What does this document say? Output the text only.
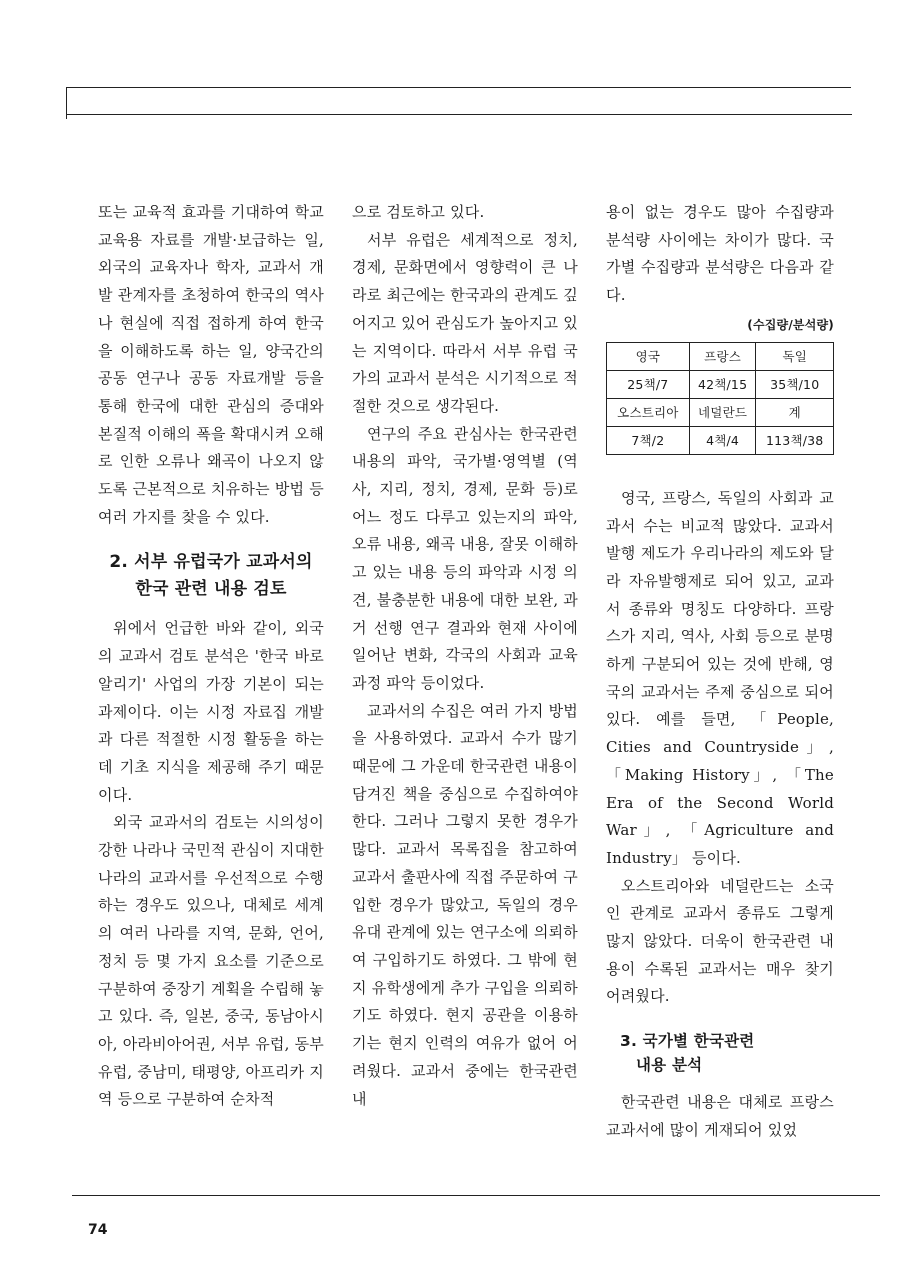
또는 교육적 효과를 기대하여 학교 교육용 자료를 개발·보급하는 일, 외국의 교육자나 학자, 교과서 개발 관계자를 초청하여 한국의 역사나 현실에 직접 접하게 하여 한국을 이해하도록 하는 일, 양국간의 공동 연구나 공동 자료개발 등을 통해 한국에 대한 관심의 증대와 본질적 이해의 폭을 확대시켜 오해로 인한 오류나 왜곡이 나오지 않도록 근본적으로 치유하는 방법 등 여러 가지를 찾을 수 있다.

2. 서부 유럽국가 교과서의
한국 관련 내용 검토

위에서 언급한 바와 같이, 외국의 교과서 검토 분석은 '한국 바로 알리기' 사업의 가장 기본이 되는 과제이다. 이는 시정 자료집 개발과 다른 적절한 시정 활동을 하는데 기초 지식을 제공해 주기 때문이다.

외국 교과서의 검토는 시의성이 강한 나라나 국민적 관심이 지대한 나라의 교과서를 우선적으로 수행하는 경우도 있으나, 대체로 세계의 여러 나라를 지역, 문화, 언어, 정치 등 몇 가지 요소를 기준으로 구분하여 중장기 계획을 수립해 놓고 있다. 즉, 일본, 중국, 동남아시아, 아라비아어권, 서부 유럽, 동부 유럽, 중남미, 태평양, 아프리카 지역 등으로 구분하여 순차적

으로 검토하고 있다.

서부 유럽은 세계적으로 정치, 경제, 문화면에서 영향력이 큰 나라로 최근에는 한국과의 관계도 깊어지고 있어 관심도가 높아지고 있는 지역이다. 따라서 서부 유럽 국가의 교과서 분석은 시기적으로 적절한 것으로 생각된다.

연구의 주요 관심사는 한국관련 내용의 파악, 국가별·영역별 (역사, 지리, 정치, 경제, 문화 등)로 어느 정도 다루고 있는지의 파악, 오류 내용, 왜곡 내용, 잘못 이해하고 있는 내용 등의 파악과 시정 의견, 불충분한 내용에 대한 보완, 과거 선행 연구 결과와 현재 사이에 일어난 변화, 각국의 사회과 교육과정 파악 등이었다.

교과서의 수집은 여러 가지 방법을 사용하였다. 교과서 수가 많기 때문에 그 가운데 한국관련 내용이 담겨진 책을 중심으로 수집하여야 한다. 그러나 그렇지 못한 경우가 많다. 교과서 목록집을 참고하여 교과서 출판사에 직접 주문하여 구입한 경우가 많았고, 독일의 경우 유대 관계에 있는 연구소에 의뢰하여 구입하기도 하였다. 그 밖에 현지 유학생에게 추가 구입을 의뢰하기도 하였다. 현지 공관을 이용하기는 현지 인력의 여유가 없어 어려웠다. 교과서 중에는 한국관련 내

용이 없는 경우도 많아 수집량과 분석량 사이에는 차이가 많다. 국가별 수집량과 분석량은 다음과 같다.

(수집량/분석량)
영국	프랑스	독일
25책/7	42책/15	35책/10
오스트리아	네덜란드	계
7책/2	4책/4	113책/38

영국, 프랑스, 독일의 사회과 교과서 수는 비교적 많았다. 교과서 발행 제도가 우리나라의 제도와 달라 자유발행제로 되어 있고, 교과서 종류와 명칭도 다양하다. 프랑스가 지리, 역사, 사회 등으로 분명하게 구분되어 있는 것에 반해, 영국의 교과서는 주제 중심으로 되어 있다. 예를 들면, 「People, Cities and Countryside」, 「Making History」, 「The Era of the Second World War」, 「Agriculture and Industry」 등이다.

오스트리아와 네덜란드는 소국인 관계로 교과서 종류도 그렇게 많지 않았다. 더욱이 한국관련 내용이 수록된 교과서는 매우 찾기 어려웠다.

3. 국가별 한국관련
내용 분석

한국관련 내용은 대체로 프랑스 교과서에 많이 게재되어 있었

74
